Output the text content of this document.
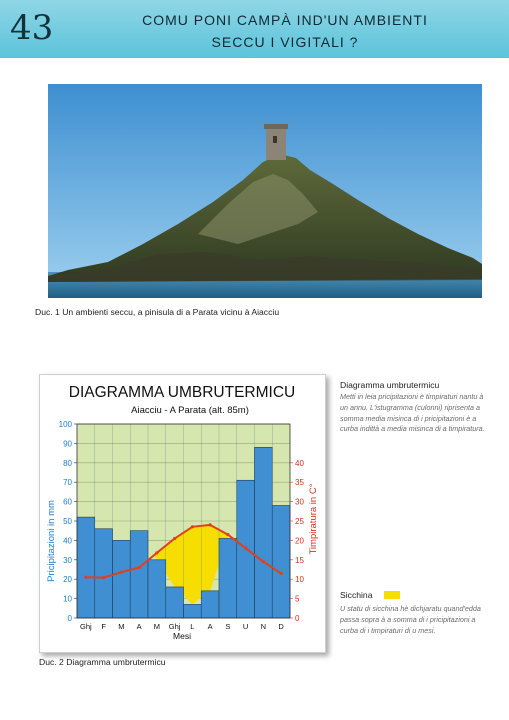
43	COMU PONI CAMPÀ IND'UN AMBIENTI
SECCU I VIGITALI ?
Duc. 1 Un ambienti seccu, a pinisula di a Parata vicinu à Aiacciu
DIAGRAMMA UMBRUTERMICU
Aiacciu - A Parata (alt. 85m)
0
10
20
30
40
50
60
70
80
90
100
0
5
10
15
20
25
30
35
40
Ghj F M A M Ghj L A S U N D
Pricipitazioni in mm	Timpiratura in C°
Mesi
Duc. 2 Diagramma umbrutermicu
Diagramma umbrutermicu
Metti in leia pricipitazioni è timpiraturi nantu à un annu. L'istugramma (culonni) riprisenta a somma media misinca di i pricipitazioni è a curba indittà a media misinca di a timpiratura.
Sicchina
U statu di sicchina hè dichjaratu quand'edda passa sopra à a somma di i pricipitazioni a curba di i timpiraturi di u mesi.
